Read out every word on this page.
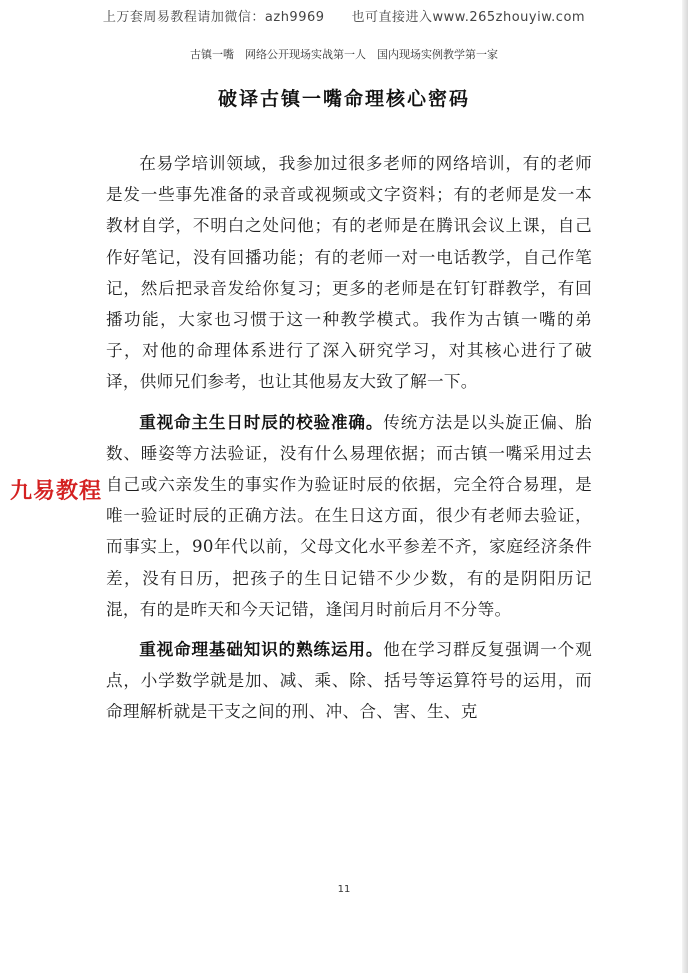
上万套周易教程请加微信：azh9969　　也可直接进入www.265zhouyiw.com
古镇一嘴　网络公开现场实战第一人　国内现场实例教学第一家
破译古镇一嘴命理核心密码

在易学培训领域，我参加过很多老师的网络培训，有的老师是发一些事先准备的录音或视频或文字资料；有的老师是发一本教材自学，不明白之处问他；有的老师是在腾讯会议上课，自己作好笔记，没有回播功能；有的老师一对一电话教学，自己作笔记，然后把录音发给你复习；更多的老师是在钉钉群教学，有回播功能，大家也习惯于这一种教学模式。我作为古镇一嘴的弟子，对他的命理体系进行了深入研究学习，对其核心进行了破译，供师兄们参考，也让其他易友大致了解一下。

重视命主生日时辰的校验准确。传统方法是以头旋正偏、胎数、睡姿等方法验证，没有什么易理依据；而古镇一嘴采用过去自己或六亲发生的事实作为验证时辰的依据，完全符合易理，是唯一验证时辰的正确方法。在生日这方面，很少有老师去验证，而事实上，90年代以前，父母文化水平参差不齐，家庭经济条件差，没有日历，把孩子的生日记错不少少数，有的是阴阳历记混，有的是昨天和今天记错，逢闰月时前后月不分等。

重视命理基础知识的熟练运用。他在学习群反复强调一个观点，小学数学就是加、减、乘、除、括号等运算符号的运用，而命理解析就是干支之间的刑、冲、合、害、生、克

九易教程
11
